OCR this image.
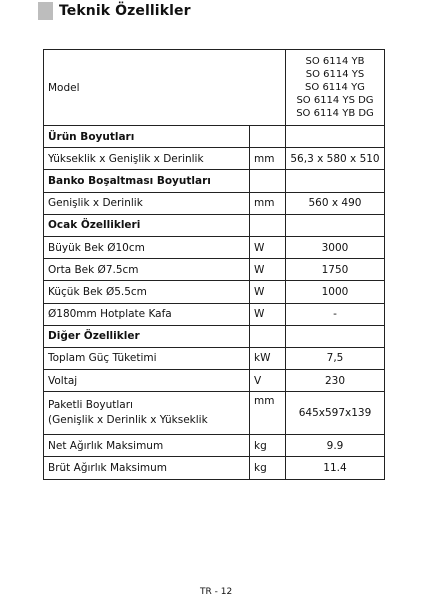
Teknik Özellikler
Model		SO 6114 YB
SO 6114 YS
SO 6114 YG
SO 6114 YS DG
SO 6114 YB DG

Ürün Boyutları		
Yükseklik x Genişlik x Derinlik	mm	56,3 x 580 x 510
Banko Boşaltması Boyutları		
Genişlik x Derinlik	mm	560 x 490
Ocak Özellikleri		
Büyük Bek Ø10cm	W	3000
Orta Bek Ø7.5cm	W	1750
Küçük Bek Ø5.5cm	W	1000
Ø180mm Hotplate Kafa	W	-
Diğer Özellikler		
Toplam Güç Tüketimi	kW	7,5
Voltaj	V	230

Paketli Boyutları
(Genişlik x Derinlik x Yükseklik	mm	645x597x139
Net Ağırlık Maksimum	kg	9.9
Brüt Ağırlık Maksimum	kg	11.4
TR - 12
